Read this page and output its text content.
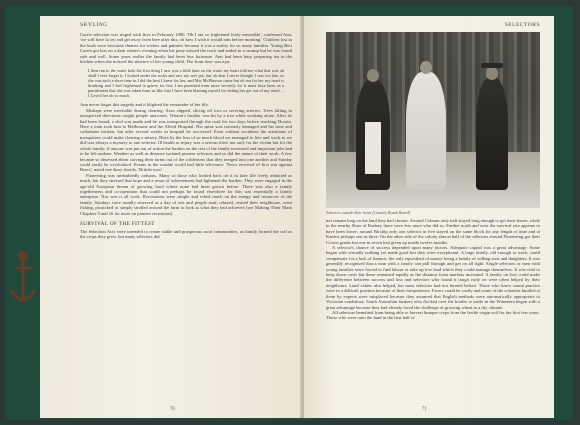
SKYLING

Currie selection was ringed with fires in February 1880. 'Oh I am so frightened fairly miserable', confessed Ann, 'we will have to try and get away from here after this, oh how I wish it would rain before morning.' Children lost in the bush were favourite themes for writers and painters because it was a reality for so many families. Young Bert Currie got lost on a dark winter's evening when his pony missed the track and ended in a swamp but he was found safe and well. Some years earlier the family had been less fortunate. Ann had been busy preparing tea in the kitchen when she noticed the absence of her young child. The front door was ajar.

I then ran to the water hole the first thing I saw was a little hunt on the water my heart told me what that was oh shall I ever forget it, I looked under the rocks and saw my wee pet, but oh dear I never thought I was too late, as she was such a short time in I did the best I knew for her, and Mrs McPherson came but oh not for her my heart is breaking and I feel frightened to grieve for fear I am punished even more severely for it must have been as a punishment that she was taken from us like that I have been blaming myself for letting her get out of my mind ... I Loved her oh so much.

Ann never forgot this tragedy and it blighted the remainder of her life.

Mishaps were inevitable during clearing. Axes slipped, slicing off toes or severing arteries. Trees falling in unexpected directions caught people unawares. Winton's brother was hit by a tree while working alone. After he had been found, a sled was made and he was transported through the road for two days before reaching Drouin. Here a train took him to Melbourne and the Alfred Hospital. His spine was seriously damaged and his nose and collarbone broken, but after several weeks in hospital he recovered. Even without accidents the attentions of mosquitoes could make clearing a misery. Bites by the loss of so much blood we managed to live and work as we did was always a mystery to one selector. Ill health or injury was a serious blow not only for the victim but for the whole family; if anyone was put out of action the burden on the rest of the family increased and important jobs had to be left undone. Weather as well as distance isolated pioneer selectors and so did the nature of their work. A few became so obsessed about carving their farms out of the wilderness that they merged into one another and Sunday could easily be overlooked. Events in the outside world had little relevance: 'News received of first war against Boers', noted one diary shortly, 'British won'.

Pioneering was undoubtedly arduous. Many of those who looked back on it in later life freely admitted as much, but they stressed that hope and a sense of achievement had lightened the burden. They were engaged in the age-old European dream of growing food where none had been grown before. There was also a family togetherness and co-operation that could not perhaps be found elsewhere for this was essentially a family enterprise. Nor was it all work. Recreations were simple and relied much on the energy and resources of the family. Sundays were usually reserved as a day of rest and people read, relaxed, visited their neighbours, went fishing, picnicked or simply strolled around the farm to look at what they had achieved (see Making Their Mark Chapters 9 and 16 for more on pioneer recreation).

SURVIVAL OF THE FITTEST

The Selection Acts were intended to create stable and prosperous rural communities, as family farmed the soil as the crops they grew, but many selectors did

70
SELECTORS
Selectors outside their home (Country Roads Board)

not remain long on the land they had chosen. Around Cobram only half stayed long enough to get their leases, while in the nearby Shire of Rodney there were few more who did so. Further north and west the survival rate appears to have been lower; around Birchip only one selector in five stayed on the same block for any length of time and at Kaniva perhaps one in three. On the other side of the colony almost half of the selectors around Pioneering got their Crown grants but one in seven had given up inside twelve months.

A selector's chance of success depended upon many factors. Adequate capital was a great advantage. Some began with virtually nothing yet made good but they were exceptional. A large family, old enough to work, could compensate for a lack of finance, the only equivalent of money being a family of willing sons and daughters. It was generally recognised that a man with a family can pull through and get on all right. Single selectors or men with young families were forced to find labour or take up low land which they could manage themselves. It was vital to keep down costs but these remained rapidly as the distance from markets increased. A family on foot could make the difference between success and loss and selectors who found it tough early on were often helped by their neighbours. Land values also helped, but most selectors had not farmed before. Those who knew sound practice were in a difficult position because of their inexperience. Errors could be costly and some of the colonists kindled at them by experts were misplaced because they assumed that English methods were automatically appropriate to Victorian conditions. South Australian farmers who flocked over the border to settle in the Wimmera began with a great advantage because they had already faced the challenge of growing wheat in a dry climate.

All selectors benefited from being able to harvest bumper crops from the fertile virgin soil for the first few years. Those who were onto the land in the first half of

71
